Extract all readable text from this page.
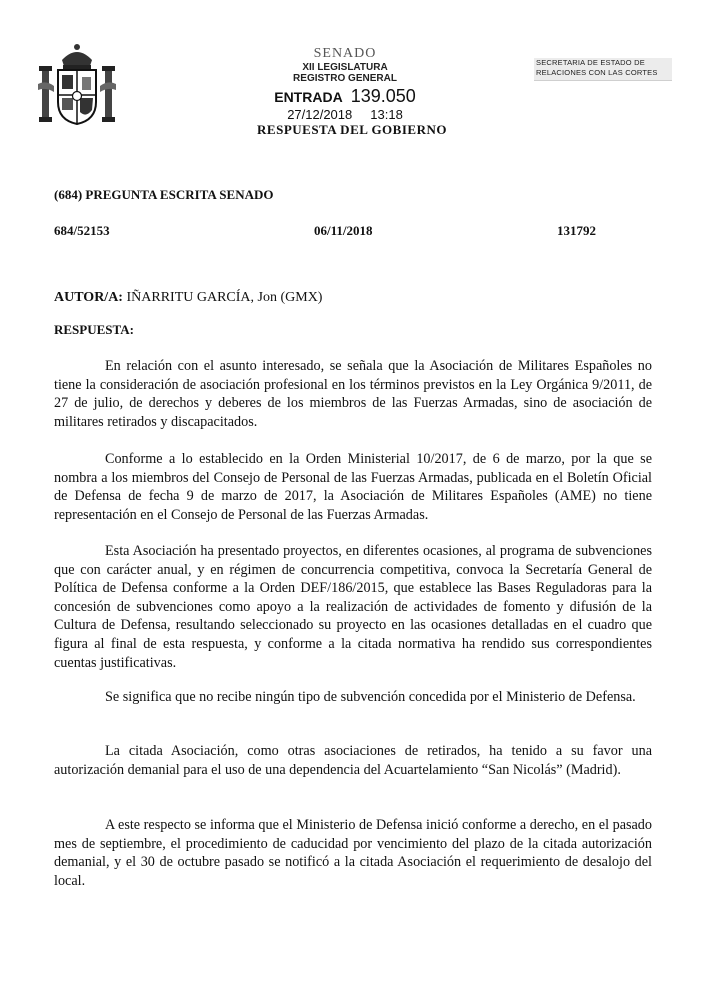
SENADO
XII LEGISLATURA
REGISTRO GENERAL
ENTRADA 139.050
27/12/2018 13:18
SECRETARIA DE ESTADO DE
RELACIONES CON LAS CORTES
RESPUESTA DEL GOBIERNO
(684) PREGUNTA ESCRITA SENADO
684/52153	06/11/2018	131792
AUTOR/A: IÑARRITU GARCÍA, Jon (GMX)
RESPUESTA:

En relación con el asunto interesado, se señala que la Asociación de Militares Españoles no tiene la consideración de asociación profesional en los términos previstos en la Ley Orgánica 9/2011, de 27 de julio, de derechos y deberes de los miembros de las Fuerzas Armadas, sino de asociación de militares retirados y discapacitados.

Conforme a lo establecido en la Orden Ministerial 10/2017, de 6 de marzo, por la que se nombra a los miembros del Consejo de Personal de las Fuerzas Armadas, publicada en el Boletín Oficial de Defensa de fecha 9 de marzo de 2017, la Asociación de Militares Españoles (AME) no tiene representación en el Consejo de Personal de las Fuerzas Armadas.

Esta Asociación ha presentado proyectos, en diferentes ocasiones, al programa de subvenciones que con carácter anual, y en régimen de concurrencia competitiva, convoca la Secretaría General de Política de Defensa conforme a la Orden DEF/186/2015, que establece las Bases Reguladoras para la concesión de subvenciones como apoyo a la realización de actividades de fomento y difusión de la Cultura de Defensa, resultando seleccionado su proyecto en las ocasiones detalladas en el cuadro que figura al final de esta respuesta, y conforme a la citada normativa ha rendido sus correspondientes cuentas justificativas.

Se significa que no recibe ningún tipo de subvención concedida por el Ministerio de Defensa.

La citada Asociación, como otras asociaciones de retirados, ha tenido a su favor una autorización demanial para el uso de una dependencia del Acuartelamiento “San Nicolás” (Madrid).

A este respecto se informa que el Ministerio de Defensa inició conforme a derecho, en el pasado mes de septiembre, el procedimiento de caducidad por vencimiento del plazo de la citada autorización demanial, y el 30 de octubre pasado se notificó a la citada Asociación el requerimiento de desalojo del local.
